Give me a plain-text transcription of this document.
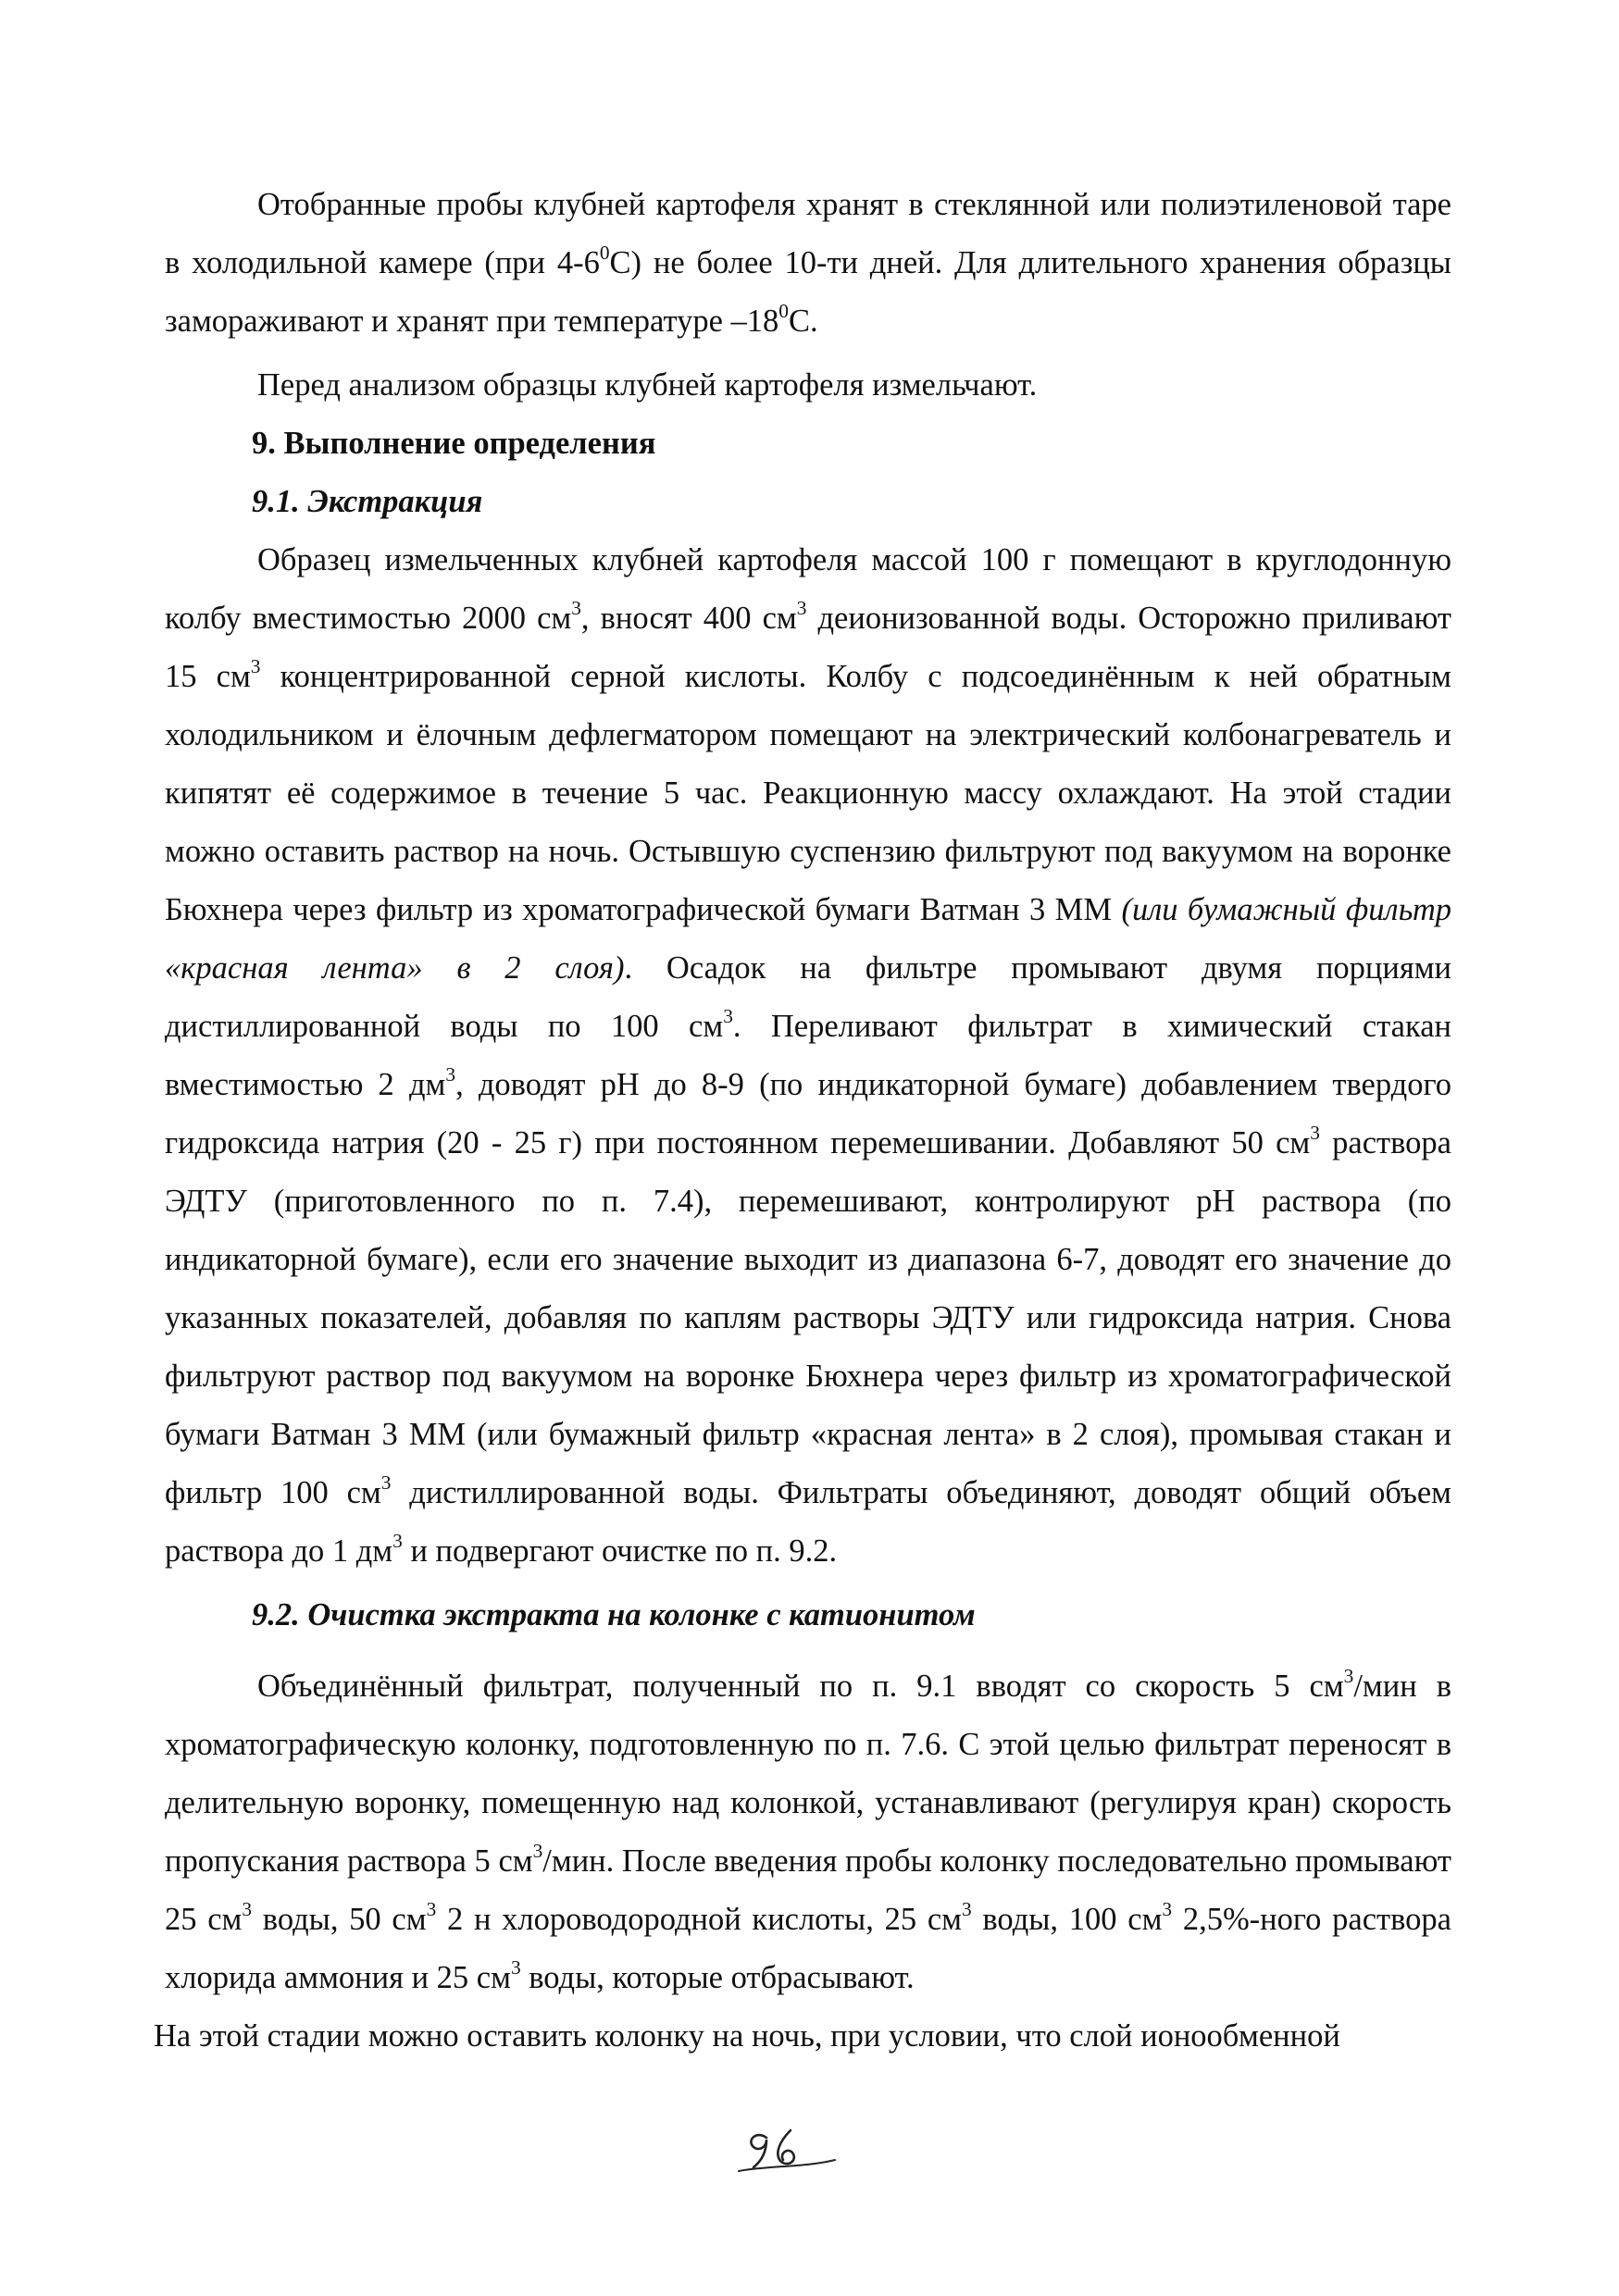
Отобранные пробы клубней картофеля хранят в стеклянной или полиэтиленовой таре в холодильной камере (при $4-6^0С$) не более 10-ти дней. Для длительного хранения образцы замораживают и хранят при температуре $-18^0С$.

Перед анализом образцы клубней картофеля измельчают.

9. Выполнение определения

9.1. Экстракция

Образец измельченных клубней картофеля массой 100 г помещают в круглодонную колбу вместимостью 2000 $см^3$, вносят 400 $см^3$ деионизованной воды. Осторожно приливают 15 $см^3$ концентрированной серной кислоты. Колбу с подсоединённым к ней обратным холодильником и ёлочным дефлегматором помещают на электрический колбонагреватель и кипятят её содержимое в течение 5 час. Реакционную массу охлаждают. На этой стадии можно оставить раствор на ночь. Остывшую суспензию фильтруют под вакуумом на воронке Бюхнера через фильтр из хроматографической бумаги Ватман 3 ММ (или бумажный фильтр «красная лента» в 2 слоя). Осадок на фильтре промывают двумя порциями дистиллированной воды по 100 $см^3$. Переливают фильтрат в химический стакан вместимостью 2 $дм^3$, доводят рН до 8-9 (по индикаторной бумаге) добавлением твердого гидроксида натрия (20 - 25 г) при постоянном перемешивании. Добавляют 50 $см^3$ раствора ЭДТУ (приготовленного по п. 7.4), перемешивают, контролируют рН раствора (по индикаторной бумаге), если его значение выходит из диапазона 6-7, доводят его значение до указанных показателей, добавляя по каплям растворы ЭДТУ или гидроксида натрия. Снова фильтруют раствор под вакуумом на воронке Бюхнера через фильтр из хроматографической бумаги Ватман 3 ММ (или бумажный фильтр «красная лента» в 2 слоя), промывая стакан и фильтр 100 $см^3$ дистиллированной воды. Фильтраты объединяют, доводят общий объем раствора до 1 $дм^3$ и подвергают очистке по п. 9.2.

9.2. Очистка экстракта на колонке с катионитом

Объединённый фильтрат, полученный по п. 9.1 вводят со скорость 5 $см^3$/мин в хроматографическую колонку, подготовленную по п. 7.6. С этой целью фильтрат переносят в делительную воронку, помещенную над колонкой, устанавливают (регулируя кран) скорость пропускания раствора 5 $см^3$/мин. После введения пробы колонку последовательно промывают 25 $см^3$ воды, 50 $см^3$ 2 н хлороводородной кислоты, 25 $см^3$ воды, 100 $см^3$ 2,5%-ного раствора хлорида аммония и 25 $см^3$ воды, которые отбрасывают.

На этой стадии можно оставить колонку на ночь, при условии, что слой ионообменной
